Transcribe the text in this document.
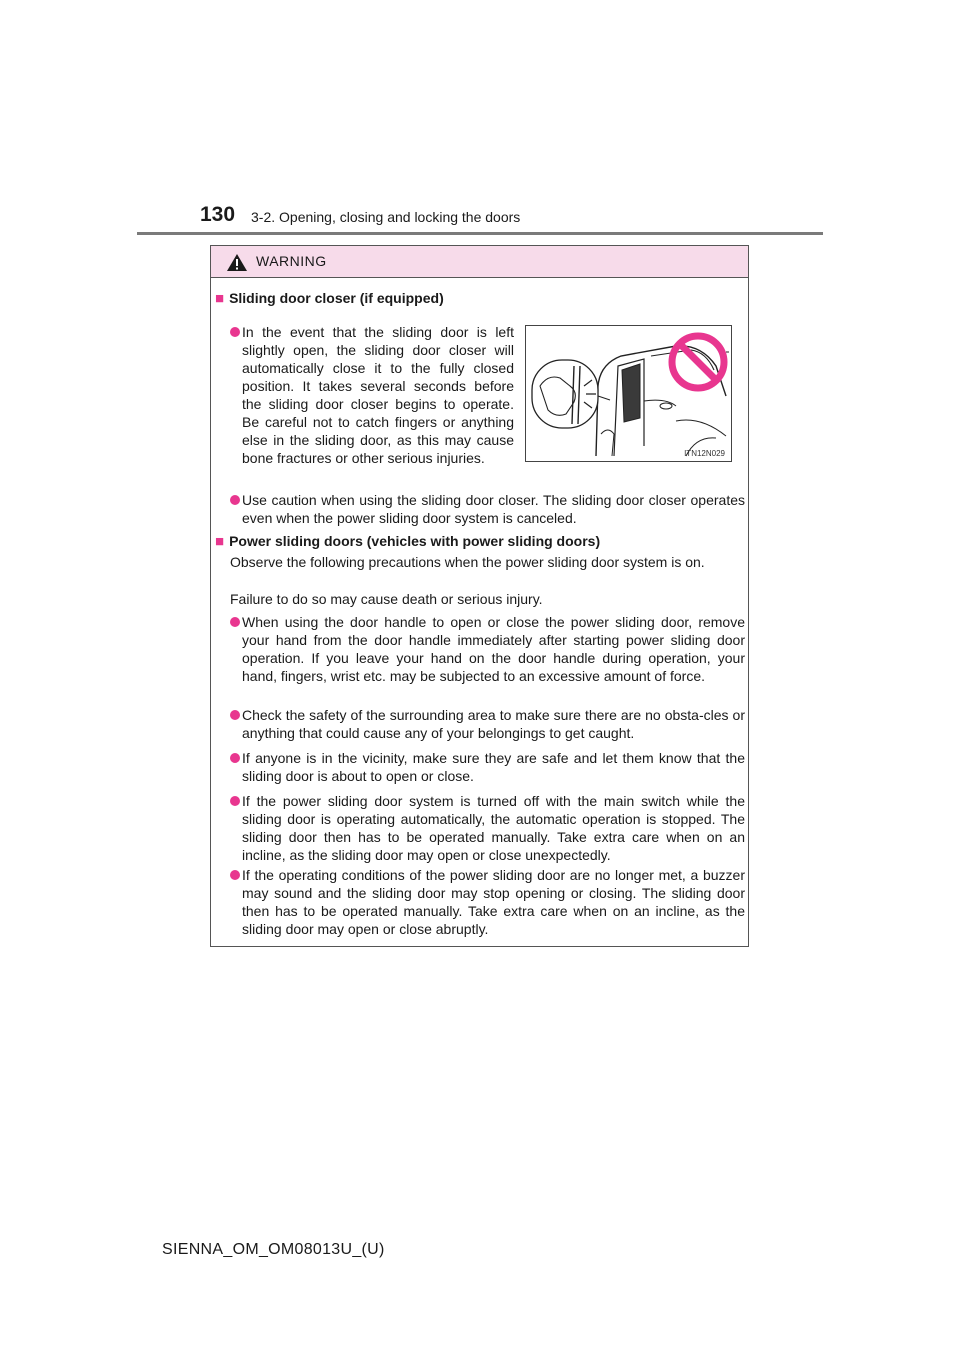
130 3-2. Opening, closing and locking the doors
WARNING
■ Sliding door closer (if equipped)
In the event that the sliding door is left slightly open, the sliding door closer will automatically close it to the fully closed position. It takes several seconds before the sliding door closer begins to operate. Be careful not to catch fingers or anything else in the sliding door, as this may cause bone fractures or other serious injuries.	ITN12N029
Use caution when using the sliding door closer. The sliding door closer operates even when the power sliding door system is canceled.
■ Power sliding doors (vehicles with power sliding doors)
Observe the following precautions when the power sliding door system is on.
Failure to do so may cause death or serious injury.
When using the door handle to open or close the power sliding door, remove your hand from the door handle immediately after starting power sliding door operation. If you leave your hand on the door handle during operation, your hand, fingers, wrist etc. may be subjected to an excessive amount of force.
Check the safety of the surrounding area to make sure there are no obsta-cles or anything that could cause any of your belongings to get caught.
If anyone is in the vicinity, make sure they are safe and let them know that the sliding door is about to open or close.
If the power sliding door system is turned off with the main switch while the sliding door is operating automatically, the automatic operation is stopped. The sliding door then has to be operated manually. Take extra care when on an incline, as the sliding door may open or close unexpectedly.
If the operating conditions of the power sliding door are no longer met, a buzzer may sound and the sliding door may stop opening or closing. The sliding door then has to be operated manually. Take extra care when on an incline, as the sliding door may open or close abruptly.
SIENNA_OM_OM08013U_(U)
